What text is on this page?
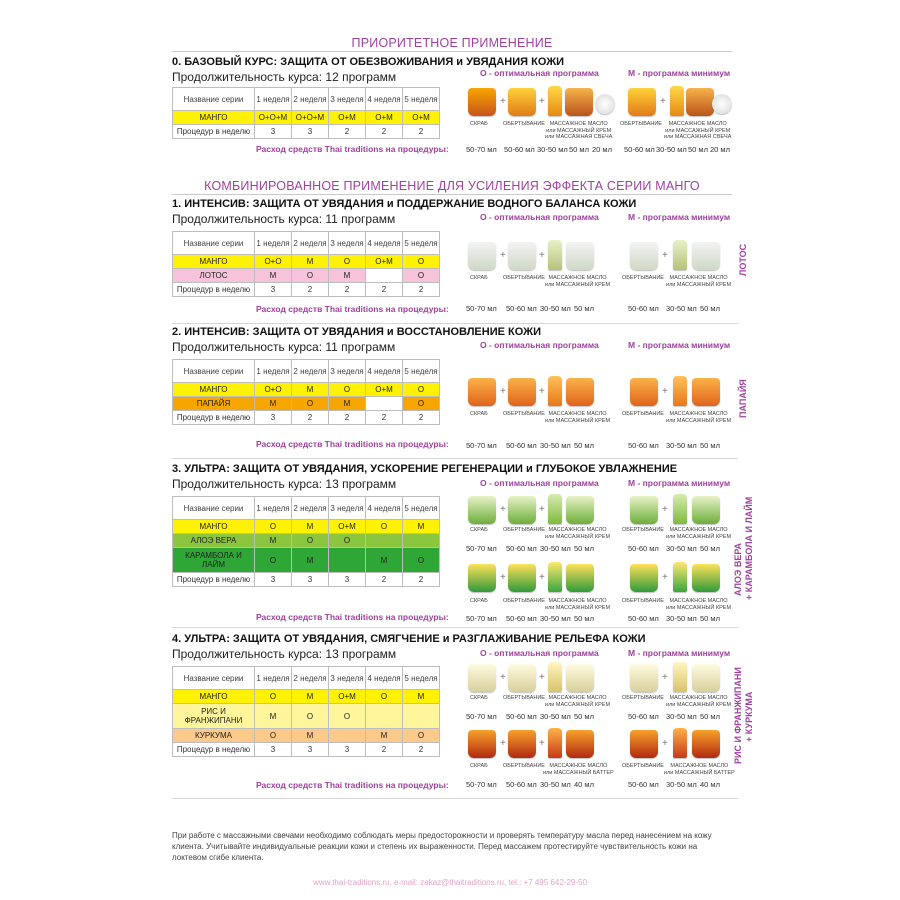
ПРИОРИТЕТНОЕ ПРИМЕНЕНИЕ
0. БАЗОВЫЙ КУРС: ЗАЩИТА ОТ ОБЕЗВОЖИВАНИЯ и УВЯДАНИЯ КОЖИ
Продолжительность курса: 12 программ
Название серии	1 неделя	2 неделя	3 неделя	4 неделя	5 неделя
МАНГО	О+О+М	О+О+М	О+М	О+М	О+М
Процедур в неделю	3	3	2	2	2
Расход средств Thai traditions на процедуры:
О - оптимальная программа	М - программа минимум
+	+	+
СКРАБ	ОБЕРТЫВАНИЕ МАССАЖНОЕ МАСЛО
или МАССАЖНЫЙ КРЕМ
или МАССАЖНАЯ СВЕЧА
ОБЕРТЫВАНИЕ	МАССАЖНОЕ МАСЛО
или МАССАЖНЫЙ КРЕМ
или МАССАЖНАЯ СВЕЧА
50-70 мл 50-60 мл 30-50 мл 50 мл 20 мл 50-60 мл 30-50 мл 50 мл 20 мл
КОМБИНИРОВАННОЕ ПРИМЕНЕНИЕ ДЛЯ УСИЛЕНИЯ ЭФФЕКТА СЕРИИ МАНГО
1. ИНТЕНСИВ: ЗАЩИТА ОТ УВЯДАНИЯ и ПОДДЕРЖАНИЕ ВОДНОГО БАЛАНСА КОЖИ
Продолжительность курса: 11 программ
Название серии	1 неделя	2 неделя	3 неделя	4 неделя	5 неделя
МАНГО	О+О	М	О	О+М	О
ЛОТОС	М	О	М		О
Процедур в неделю	3	2	2	2	2
Расход средств Thai traditions на процедуры:
О - оптимальная программа	М - программа минимум
+	+	+
СКРАБ	ОБЕРТЫВАНИЕ МАССАЖНОЕ МАСЛО
или МАССАЖНЫЙ КРЕМ
ОБЕРТЫВАНИЕ	МАССАЖНОЕ МАСЛО
или МАССАЖНЫЙ КРЕМ
50-70 мл 50-60 мл 30-50 мл 50 мл	50-60 мл 30-50 мл 50 мл
ЛОТОС
2. ИНТЕНСИВ: ЗАЩИТА ОТ УВЯДАНИЯ и ВОССТАНОВЛЕНИЕ КОЖИ
Продолжительность курса: 11 программ
Название серии	1 неделя	2 неделя	3 неделя	4 неделя	5 неделя
МАНГО	О+О	М	О	О+М	О
ПАПАЙЯ	М	О	М		О
Процедур в неделю	3	2	2	2	2
Расход средств Thai traditions на процедуры:
О - оптимальная программа	М - программа минимум
+	+	+
СКРАБ	ОБЕРТЫВАНИЕ МАССАЖНОЕ МАСЛО
или МАССАЖНЫЙ КРЕМ
ОБЕРТЫВАНИЕ	МАССАЖНОЕ МАСЛО
или МАССАЖНЫЙ КРЕМ
50-70 мл 50-60 мл 30-50 мл 50 мл	50-60 мл 30-50 мл 50 мл
ПАПАЙЯ
3. УЛЬТРА: ЗАЩИТА ОТ УВЯДАНИЯ, УСКОРЕНИЕ РЕГЕНЕРАЦИИ и ГЛУБОКОЕ УВЛАЖНЕНИЕ
Продолжительность курса: 13 программ
Название серии	1 неделя	2 неделя	3 неделя	4 неделя	5 неделя
МАНГО	О	М	О+М	О	М
АЛОЭ ВЕРА	М	О	О		
КАРАМБОЛА И ЛАЙМ	О	М		М	О
Процедур в неделю	3	3	3	2	2
Расход средств Thai traditions на процедуры:
О - оптимальная программа	М - программа минимум
+	+	+
СКРАБ	ОБЕРТЫВАНИЕ МАССАЖНОЕ МАСЛО
или МАССАЖНЫЙ КРЕМ
ОБЕРТЫВАНИЕ	МАССАЖНОЕ МАСЛО
или МАССАЖНЫЙ КРЕМ
50-70 мл 50-60 мл 30-50 мл 50 мл	50-60 мл 30-50 мл 50 мл
+	+	+
СКРАБ	ОБЕРТЫВАНИЕ МАССАЖНОЕ МАСЛО
или МАССАЖНЫЙ КРЕМ
ОБЕРТЫВАНИЕ	МАССАЖНОЕ МАСЛО
или МАССАЖНЫЙ КРЕМ
50-70 мл 50-60 мл 30-50 мл 50 мл	50-60 мл 30-50 мл 50 мл
АЛОЭ ВЕРА + КАРАМБОЛА И ЛАЙМ
4. УЛЬТРА: ЗАЩИТА ОТ УВЯДАНИЯ, СМЯГЧЕНИЕ и РАЗГЛАЖИВАНИЕ РЕЛЬЕФА КОЖИ
Продолжительность курса: 13 программ
Название серии	1 неделя	2 неделя	3 неделя	4 неделя	5 неделя
МАНГО	О	М	О+М	О	М
РИС И ФРАНЖИПАНИ	М	О	О		
КУРКУМА	О	М		М	О
Процедур в неделю	3	3	3	2	2
Расход средств Thai traditions на процедуры:
О - оптимальная программа	М - программа минимум
+	+	+
СКРАБ	ОБЕРТЫВАНИЕ МАССАЖНОЕ МАСЛО
или МАССАЖНЫЙ КРЕМ
ОБЕРТЫВАНИЕ	МАССАЖНОЕ МАСЛО
или МАССАЖНЫЙ КРЕМ
50-70 мл 50-60 мл 30-50 мл 50 мл	50-60 мл 30-50 мл 50 мл
+	+	+
СКРАБ	ОБЕРТЫВАНИЕ МАССАЖНОЕ МАСЛО
или МАССАЖНЫЙ БАТТЕР
ОБЕРТЫВАНИЕ	МАССАЖНОЕ МАСЛО
или МАССАЖНЫЙ БАТТЕР
50-70 мл 50-60 мл 30-50 мл 40 мл	50-60 мл 30-50 мл 40 мл
РИС И ФРАНЖИПАНИ + КУРКУМА
При работе с массажными свечами необходимо соблюдать меры предосторожности и проверять температуру масла перед нанесением на кожу клиента. Учитывайте индивидуальные реакции кожи и степень их выраженности. Перед массажем протестируйте чувствительность кожи на локтевом сгибе клиента.
www.thai-traditions.ru, e-mail: zakaz@thaitraditions.ru, tel.: +7 495 642-29-50
